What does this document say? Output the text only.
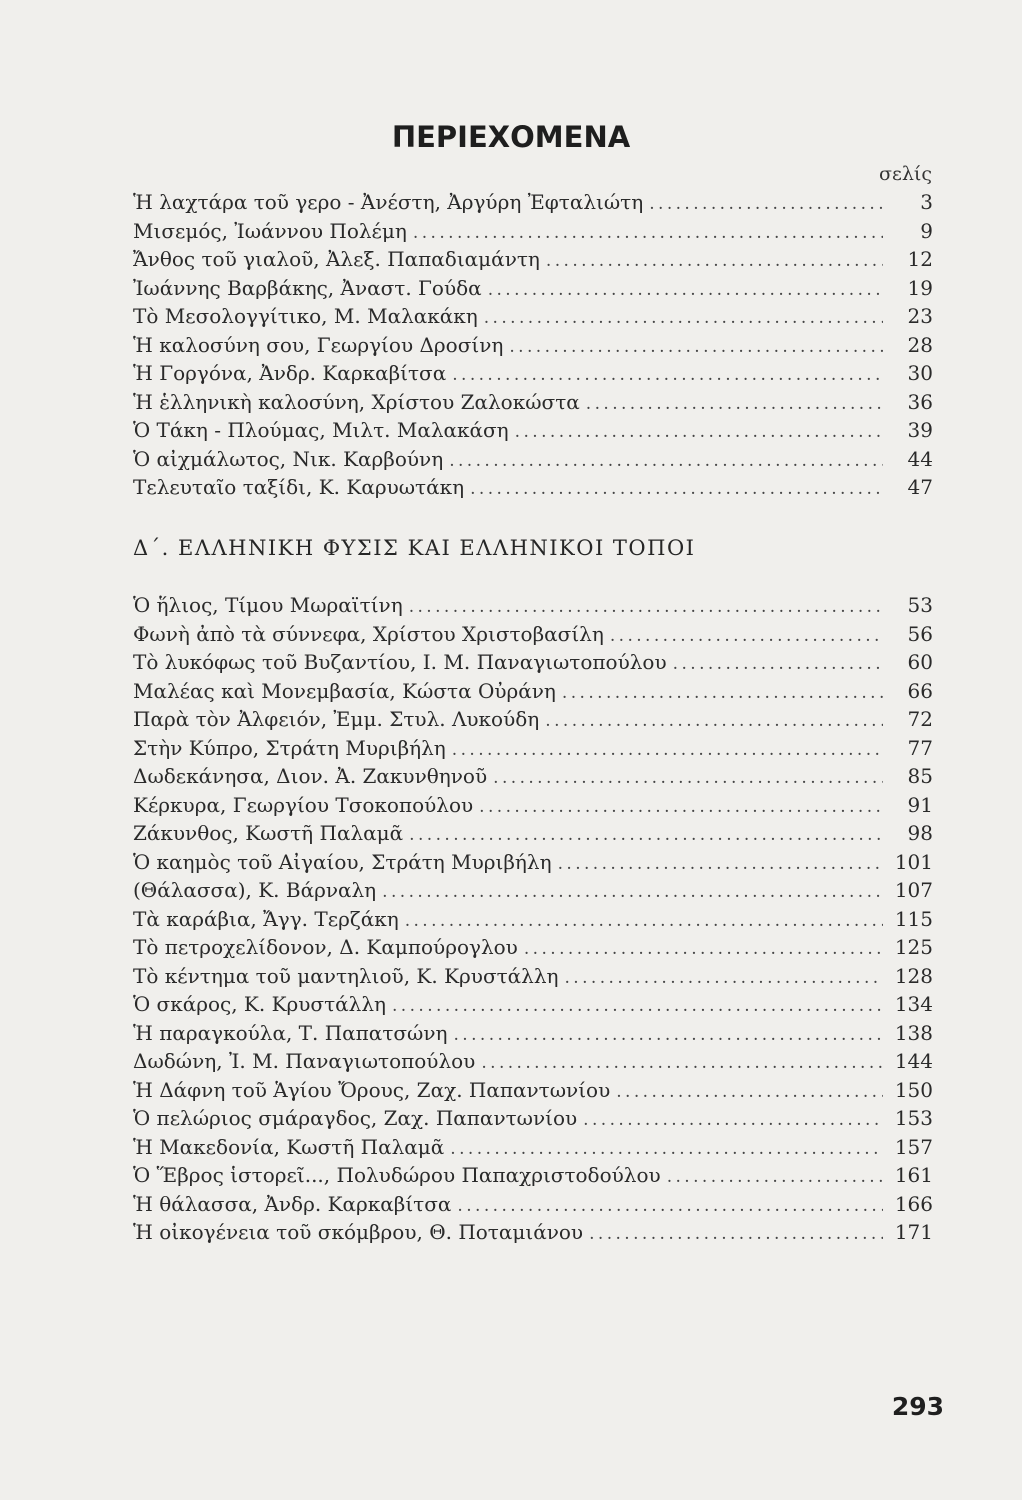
ΠΕΡΙΕΧΟΜΕΝΑ
σελίς
Ἡ λαχτάρα τοῦ γερο - Ἀνέστη, Ἀργύρη Ἐφταλιώτη . . .	3
Μισεμός, Ἰωάννου Πολέμη . . .	9
Ἄνθος τοῦ γιαλοῦ, Ἀλεξ. Παπαδιαμάντη . . .	12
Ἰωάννης Βαρβάκης, Ἀναστ. Γούδα . . .	19
Τὸ Μεσολογγίτικο, Μ. Μαλακάκη . . .	23
Ἡ καλοσύνη σου, Γεωργίου Δροσίνη . . .	28
Ἡ Γοργόνα, Ἀνδρ. Καρκαβίτσα . . .	30
Ἡ ἑλληνικὴ καλοσύνη, Χρίστου Ζαλοκώστα . . .	36
Ὁ Τάκη - Πλούμας, Μιλτ. Μαλακάση . . .	39
Ὁ αἰχμάλωτος, Νικ. Καρβούνη . . .	44
Τελευταῖο ταξίδι, Κ. Καρυωτάκη . . .	47
Δ΄. ΕΛΛΗΝΙΚΗ ΦΥΣΙΣ ΚΑΙ ΕΛΛΗΝΙΚΟΙ ΤΟΠΟΙ
Ὁ ἥλιος, Τίμου Μωραϊτίνη . . .	53
Φωνὴ ἀπὸ τὰ σύννεφα, Χρίστου Χριστοβασίλη . . .	56
Τὸ λυκόφως τοῦ Βυζαντίου, Ι. Μ. Παναγιωτοπούλου . . .	60
Μαλέας καὶ Μονεμβασία, Κώστα Οὐράνη . . .	66
Παρὰ τὸν Ἀλφειόν, Ἐμμ. Στυλ. Λυκούδη . . .	72
Στὴν Κύπρο, Στράτη Μυριβήλη . . .	77
Δωδεκάνησα, Διον. Ἀ. Ζακυνθηνοῦ . . .	85
Κέρκυρα, Γεωργίου Τσοκοπούλου . . .	91
Ζάκυνθος, Κωστῆ Παλαμᾶ . . .	98
Ὁ καημὸς τοῦ Αἰγαίου, Στράτη Μυριβήλη . . .	101
(Θάλασσα), Κ. Βάρναλη . . .	107
Τὰ καράβια, Ἄγγ. Τερζάκη . . .	115
Τὸ πετροχελίδονον, Δ. Καμπούρογλου . . .	125
Τὸ κέντημα τοῦ μαντηλιοῦ, Κ. Κρυστάλλη . . .	128
Ὁ σκάρος, Κ. Κρυστάλλη . . .	134
Ἡ παραγκούλα, Τ. Παπατσώνη . . .	138
Δωδώνη, Ἰ. Μ. Παναγιωτοπούλου . . .	144
Ἡ Δάφνη τοῦ Ἁγίου Ὄρους, Ζαχ. Παπαντωνίου . . .	150
Ὁ πελώριος σμάραγδος, Ζαχ. Παπαντωνίου . . .	153
Ἡ Μακεδονία, Κωστῆ Παλαμᾶ . . .	157
Ὁ Ἕβρος ἱστορεῖ..., Πολυδώρου Παπαχριστοδούλου . . .	161
Ἡ θάλασσα, Ἀνδρ. Καρκαβίτσα . . .	166
Ἡ οἰκογένεια τοῦ σκόμβρου, Θ. Ποταμιάνου . . .	171
293
